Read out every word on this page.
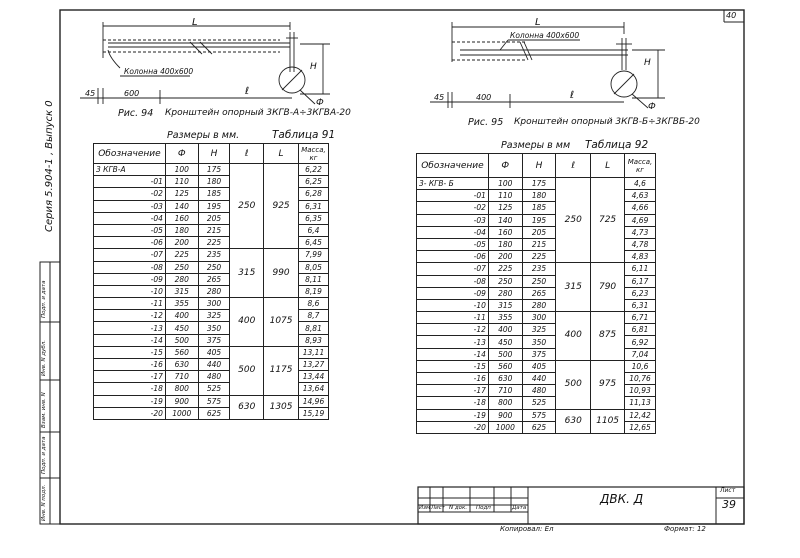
40
Серия 5.904-1 , Выпуск 0
Инв. N подл.
Подп. и дата
Взам. инв. N
Инв. N дубл.
Подп. и дата
L
H
ℓ
Ф
45	600
Колонна 400х600
Рис. 94 Кронштейн опорный 3КГВ-А÷3КГВА-20
L
H
ℓ
Ф
45	400
Колонна 400х600
Рис. 95 Кронштейн опорный 3КГВ-Б÷3КГВБ-20
Размеры в мм.	Таблица 91
Размеры в мм Таблица 92
Обозначение	Ф	H	ℓ	L	Масса, кг
3 КГВ-А	100	175	250	925	6,22
-01	110	180			6,25
-02	125	185			6,28
-03	140	195			6,31
-04	160	205			6,35
-05	180	215			6,4
-06	200	225			6,45
-07	225	235	315	990	7,99
-08	250	250			8,05
-09	280	265			8,11
-10	315	280			8,19
-11	355	300	400	1075	8,6
-12	400	325			8,7
-13	450	350			8,81
-14	500	375			8,93
-15	560	405	500	1175	13,11
-16	630	440			13,27
-17	710	480			13,44
-18	800	525			13,64
-19	900	575	630	1305	14,96
-20	1000	625			15,19
Обозначение	Ф	H	ℓ	L	Масса, кг
3- КГВ- Б	100	175	250	725	4,6
-01	110	180			4,63
-02	125	185			4,66
-03	140	195			4,69
-04	160	205			4,73
-05	180	215			4,78
-06	200	225			4,83
-07	225	235	315	790	6,11
-08	250	250			6,17
-09	280	265			6,23
-10	315	280			6,31
-11	355	300	400	875	6,71
-12	400	325			6,81
-13	450	350			6,92
-14	500	375			7,04
-15	560	405	500	975	10,6
-16	630	440			10,76
-17	710	480			10,93
-18	800	525			11,13
-19	900	575	630	1105	12,42
-20	1000	625			12,65
Изм Лист N док. Подп	Дата
ДВК. Д
Лист
39
Копировал: Ел	Формат: 12
